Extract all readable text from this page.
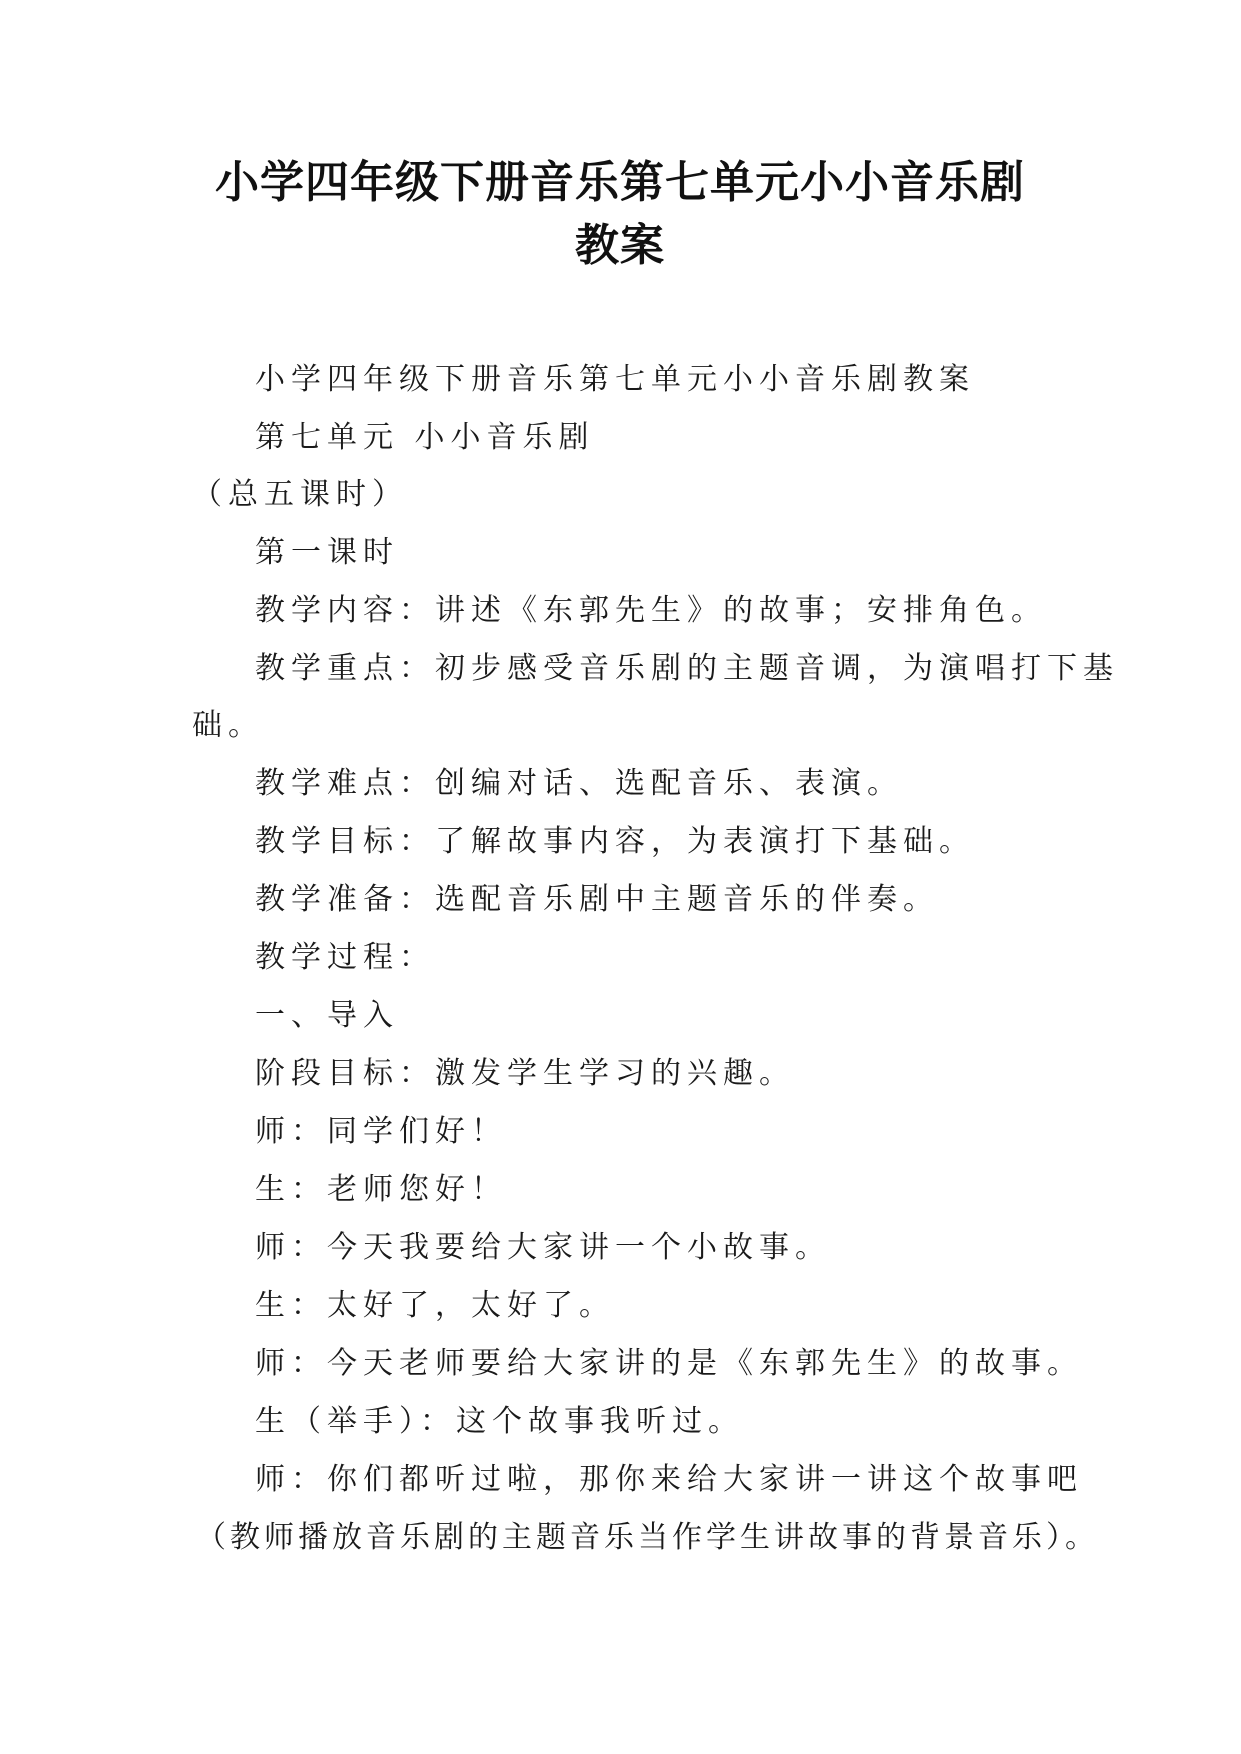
小学四年级下册音乐第七单元小小音乐剧
教案
小学四年级下册音乐第七单元小小音乐剧教案
第七单元 小小音乐剧
（总五课时）
第一课时
教学内容：讲述《东郭先生》的故事；安排角色。
教学重点：初步感受音乐剧的主题音调，为演唱打下基
础。
教学难点：创编对话、选配音乐、表演。
教学目标：了解故事内容，为表演打下基础。
教学准备：选配音乐剧中主题音乐的伴奏。
教学过程：
一、导入
阶段目标：激发学生学习的兴趣。
师：同学们好！
生：老师您好！
师：今天我要给大家讲一个小故事。
生：太好了，太好了。
师：今天老师要给大家讲的是《东郭先生》的故事。
生（举手）：这个故事我听过。
师：你们都听过啦，那你来给大家讲一讲这个故事吧
（教师播放音乐剧的主题音乐当作学生讲故事的背景音乐）。
